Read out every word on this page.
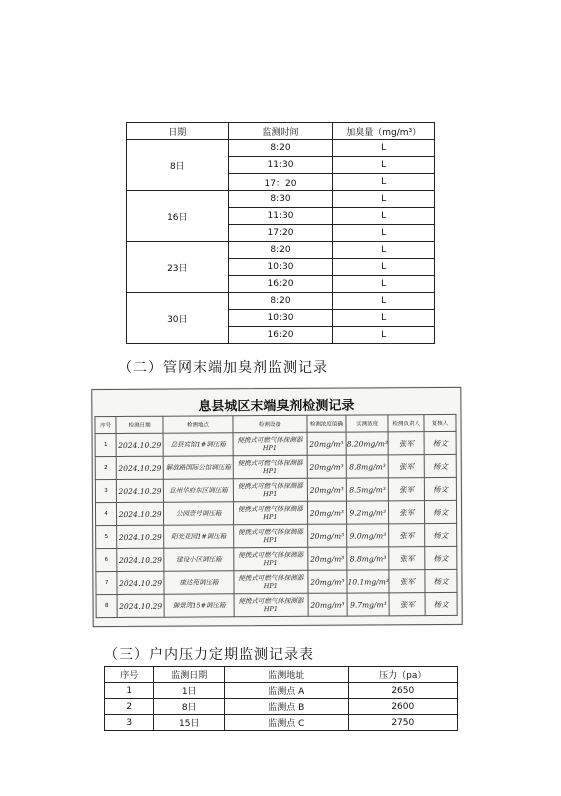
日期	监测时间	加臭量（mg/m³）
8日	8:20	L
	11:30	L
	17：20	L
16日	8:30	L
	11:30	L
	17:20	L
23日	8:20	L
	10:30	L
	16:20	L
30日	8:20	L
	10:30	L
	16:20	L
（二）管网末端加臭剂监测记录
息县城区末端臭剂检测记录
序号	检测日期	检测地点	检测设备	检测浓度值确	实测浓度	检测负责人	复核人
1	2024.10.29	息县宾馆1#调压箱	便携式可燃气体探测器HP1	20mg/m³	8.20mg/m³	张军	杨文
2	2024.10.29	解放路国际公馆调压箱	便携式可燃气体探测器HP1	20mg/m³	8.8mg/m³	张军	杨文
3	2024.10.29	息州华府东区调压箱	便携式可燃气体探测器HP1	20mg/m³	8.5mg/m³	张军	杨文
4	2024.10.29	公园壹号调压箱	便携式可燃气体探测器HP1	20mg/m³	9.2mg/m³	张军	杨文
5	2024.10.29	阳光花园1#调压箱	便携式可燃气体探测器HP1	20mg/m³	9.0mg/m³	张军	杨文
6	2024.10.29	建设小区调压箱	便携式可燃气体探测器HP1	20mg/m³	8.8mg/m³	张军	杨文
7	2024.10.29	康达苑调压箱	便携式可燃气体探测器HP1	20mg/m³	10.1mg/m³	张军	杨文
8	2024.10.29	御景湾15#调压箱	便携式可燃气体探测器HP1	20mg/m³	9.7mg/m³	张军	杨文
（三）户内压力定期监测记录表
序号	监测日期	监测地址	压力（pa）
1	1日	监测点 A	2650
2	8日	监测点 B	2600
3	15日	监测点 C	2750
